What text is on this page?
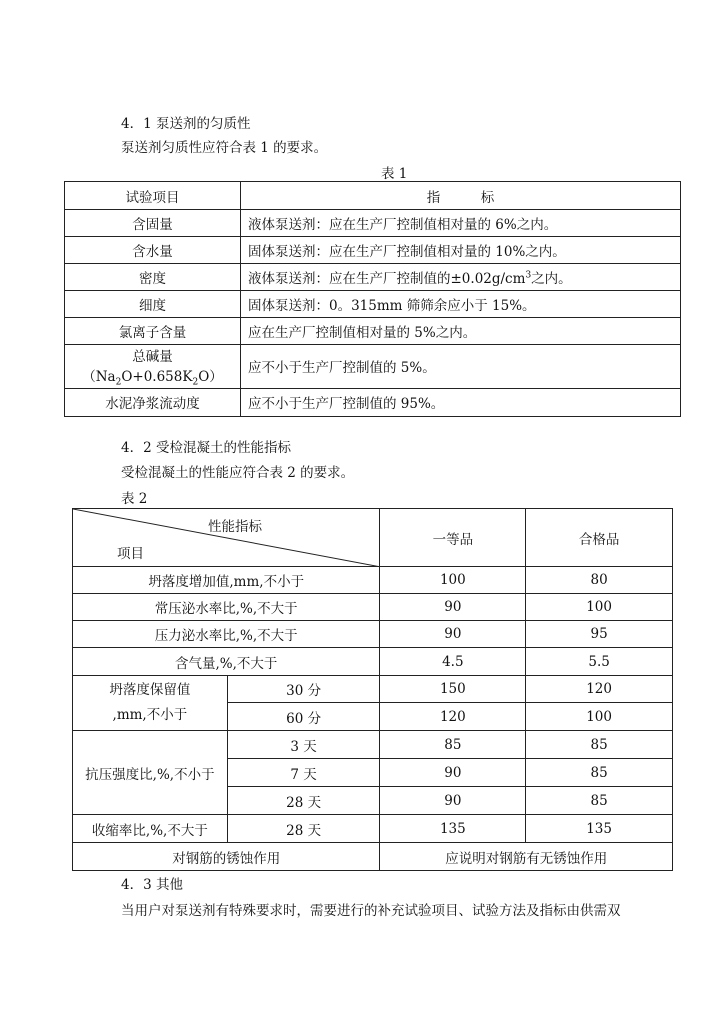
4．1 泵送剂的匀质性
泵送剂匀质性应符合表 1 的要求。
表 1
试验项目	指　　　标
含固量	液体泵送剂：应在生产厂控制值相对量的 6%之内。
含水量	固体泵送剂：应在生产厂控制值相对量的 10%之内。
密度	液体泵送剂：应在生产厂控制值的$\pm 0.02g/cm^3$之内。
细度	固体泵送剂：0。315mm 筛筛余应小于 15%。
氯离子含量	应在生产厂控制值相对量的 5%之内。
总碱量$(Na_2O+0.658K_2O)$	应不小于生产厂控制值的 5%。
水泥净浆流动度	应不小于生产厂控制值的 95%。
4．2 受检混凝土的性能指标
受检混凝土的性能应符合表 2 的要求。
表 2
性能指标
项目		一等品	合格品
坍落度增加值,mm,不小于		100	80
常压泌水率比,%,不大于		90	100
压力泌水率比,%,不大于		90	95
含气量,%,不大于		4.5	5.5

坍落度保留值
,mm,不小于	30 分	150	120
	60 分	120	100
抗压强度比,%,不小于	3 天	85	85
	7 天	90	85
	28 天	90	85
收缩率比,%,不大于	28 天	135	135
对钢筋的锈蚀作用		应说明对钢筋有无锈蚀作用	
4．3 其他
当用户对泵送剂有特殊要求时，需要进行的补充试验项目、试验方法及指标由供需双
